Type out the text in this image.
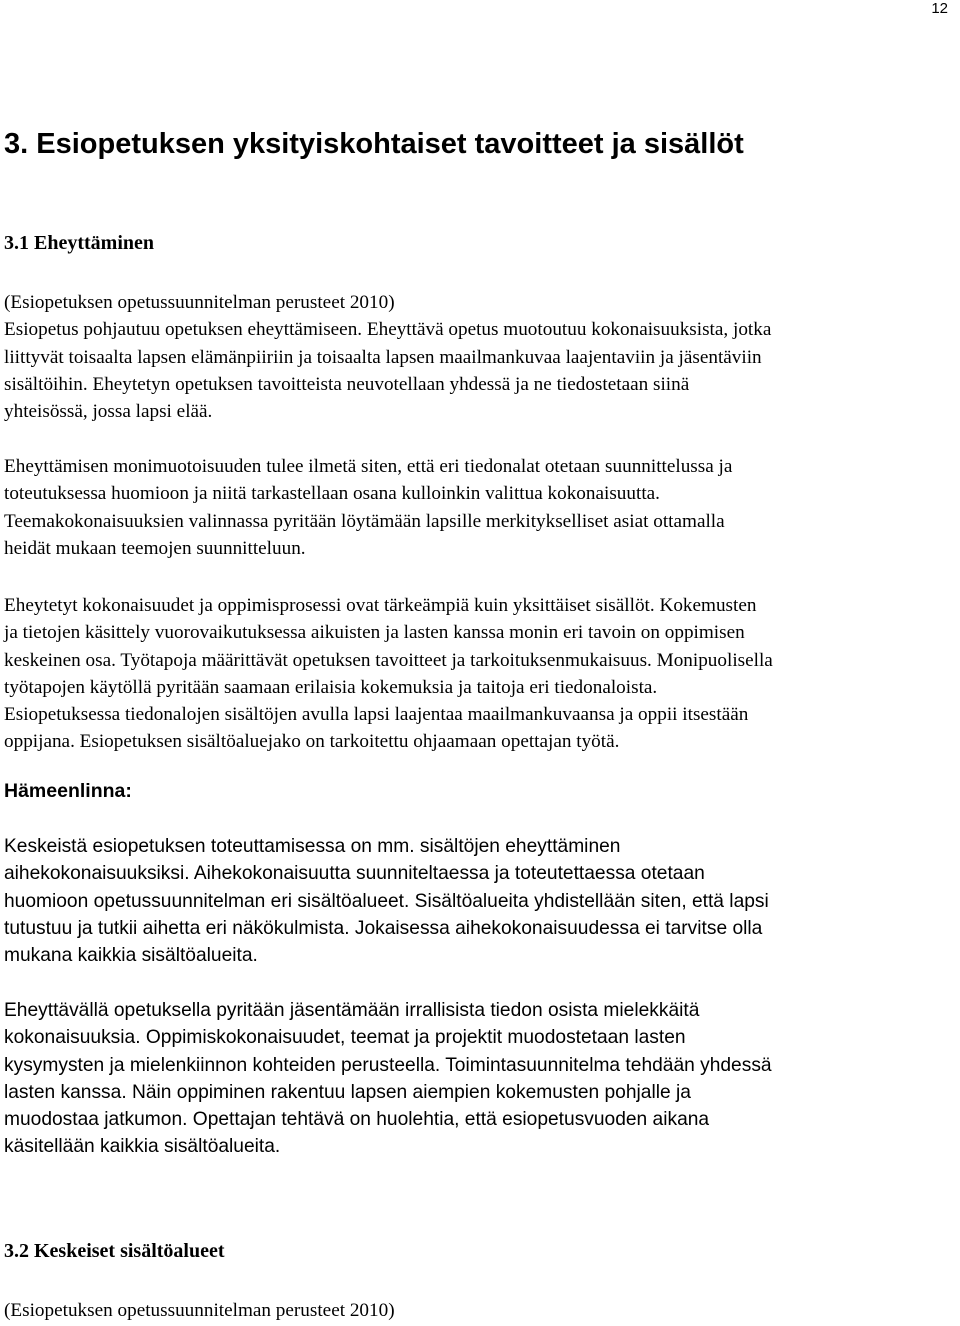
12
3. Esiopetuksen yksityiskohtaiset tavoitteet ja sisällöt
3.1 Eheyttäminen
(Esiopetuksen opetussuunnitelman perusteet 2010)
Esiopetus pohjautuu opetuksen eheyttämiseen. Eheyttävä opetus muotoutuu kokonaisuuksista, jotka
liittyvät toisaalta lapsen elämänpiiriin ja toisaalta lapsen maailmankuvaa laajentaviin ja jäsentäviin
sisältöihin. Eheytetyn opetuksen tavoitteista neuvotellaan yhdessä ja ne tiedostetaan siinä
yhteisössä, jossa lapsi elää.
Eheyttämisen monimuotoisuuden tulee ilmetä siten, että eri tiedonalat otetaan suunnittelussa ja
toteutuksessa huomioon ja niitä tarkastellaan osana kulloinkin valittua kokonaisuutta.
Teemakokonaisuuksien valinnassa pyritään löytämään lapsille merkitykselliset asiat ottamalla
heidät mukaan teemojen suunnitteluun.
Eheytetyt kokonaisuudet ja oppimisprosessi ovat tärkeämpiä kuin yksittäiset sisällöt. Kokemusten
ja tietojen käsittely vuorovaikutuksessa aikuisten ja lasten kanssa monin eri tavoin on oppimisen
keskeinen osa. Työtapoja määrittävät opetuksen tavoitteet ja tarkoituksenmukaisuus. Monipuolisella
työtapojen käytöllä pyritään saamaan erilaisia kokemuksia ja taitoja eri tiedonaloista.
Esiopetuksessa tiedonalojen sisältöjen avulla lapsi laajentaa maailmankuvaansa ja oppii itsestään
oppijana. Esiopetuksen sisältöaluejako on tarkoitettu ohjaamaan opettajan työtä.
Hämeenlinna:
Keskeistä esiopetuksen toteuttamisessa on mm. sisältöjen eheyttäminen
aihekokonaisuuksiksi. Aihekokonaisuutta suunniteltaessa ja toteutettaessa otetaan
huomioon opetussuunnitelman eri sisältöalueet. Sisältöalueita yhdistellään siten, että lapsi
tutustuu ja tutkii aihetta eri näkökulmista. Jokaisessa aihekokonaisuudessa ei tarvitse olla
mukana kaikkia sisältöalueita.
Eheyttävällä opetuksella pyritään jäsentämään irrallisista tiedon osista mielekkäitä
kokonaisuuksia. Oppimiskokonaisuudet, teemat ja projektit muodostetaan lasten
kysymysten ja mielenkiinnon kohteiden perusteella. Toimintasuunnitelma tehdään yhdessä
lasten kanssa. Näin oppiminen rakentuu lapsen aiempien kokemusten pohjalle ja
muodostaa jatkumon. Opettajan tehtävä on huolehtia, että esiopetusvuoden aikana
käsitellään kaikkia sisältöalueita.
3.2 Keskeiset sisältöalueet
(Esiopetuksen opetussuunnitelman perusteet 2010)
